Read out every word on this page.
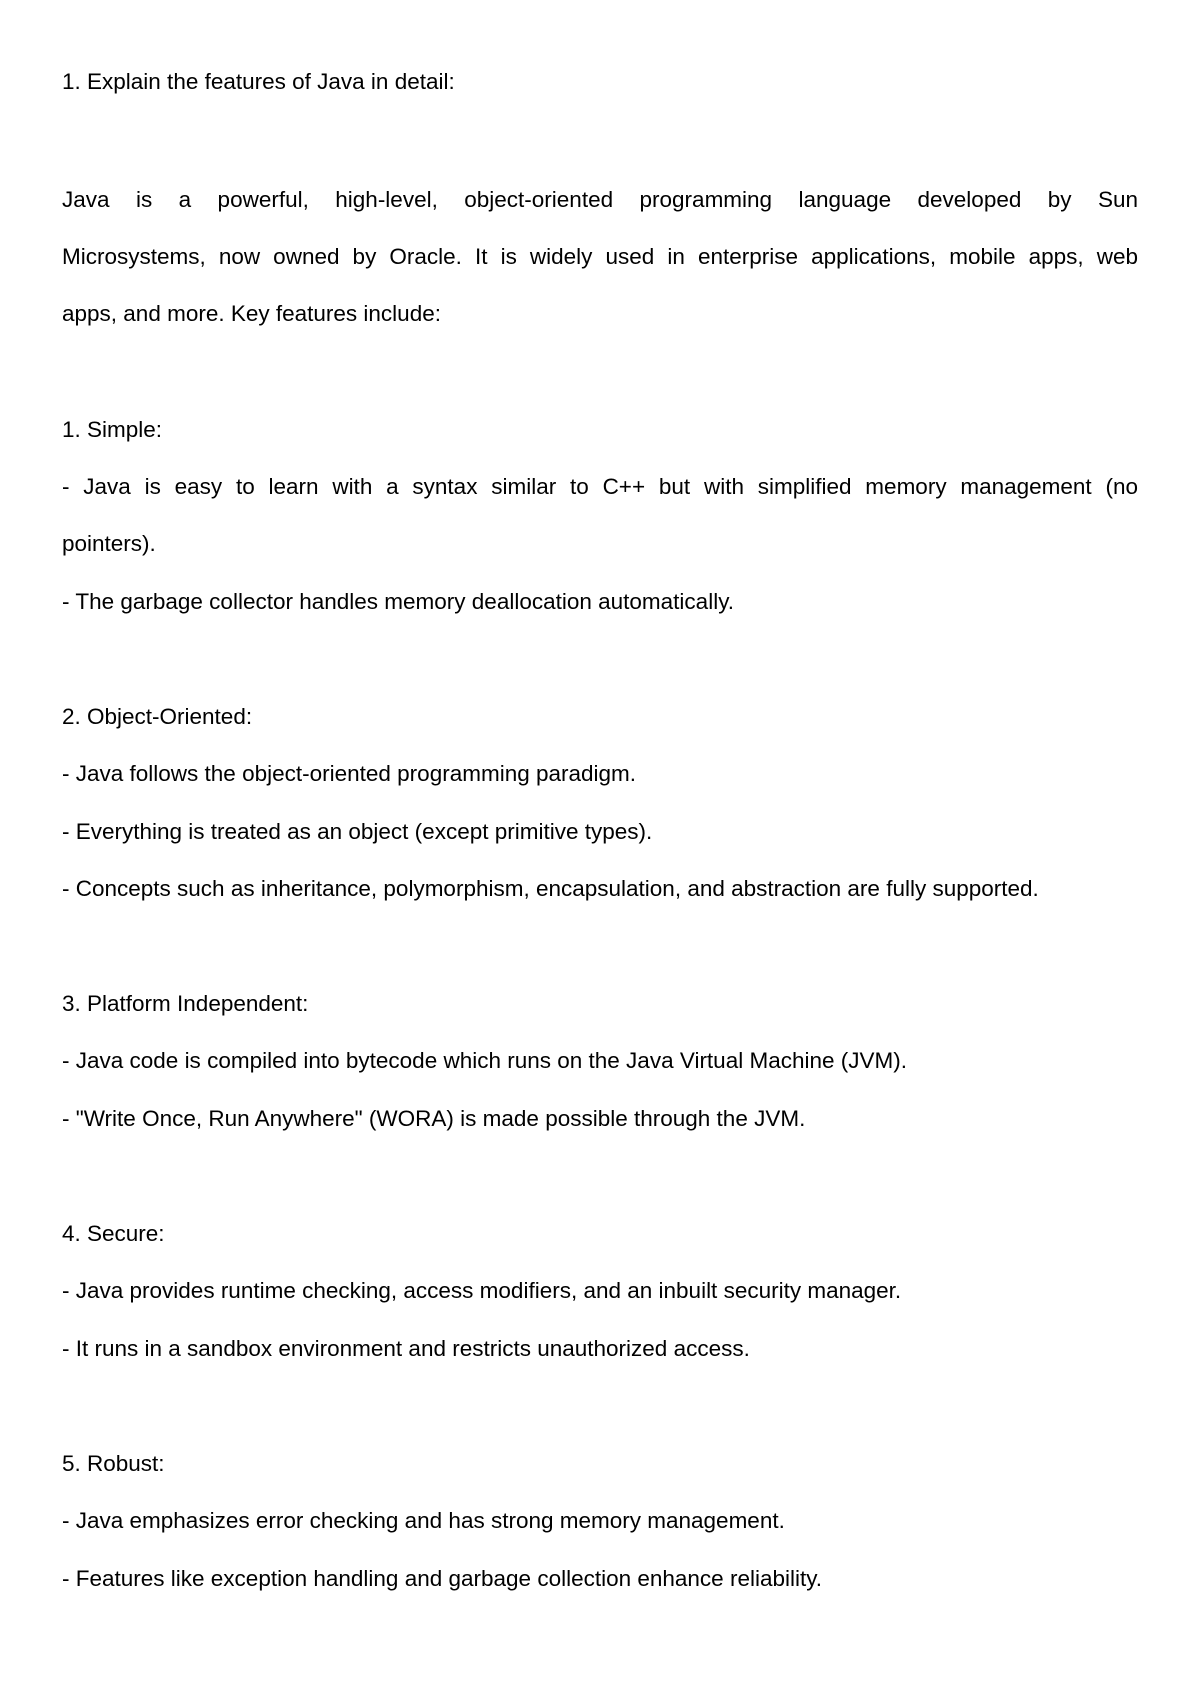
1. Explain the features of Java in detail:

Java is a powerful, high-level, object-oriented programming language developed by Sun

Microsystems, now owned by Oracle. It is widely used in enterprise applications, mobile apps, web

apps, and more. Key features include:

1. Simple:

- Java is easy to learn with a syntax similar to C++ but with simplified memory management (no

pointers).

- The garbage collector handles memory deallocation automatically.

2. Object-Oriented:

- Java follows the object-oriented programming paradigm.

- Everything is treated as an object (except primitive types).

- Concepts such as inheritance, polymorphism, encapsulation, and abstraction are fully supported.

3. Platform Independent:

- Java code is compiled into bytecode which runs on the Java Virtual Machine (JVM).

- "Write Once, Run Anywhere" (WORA) is made possible through the JVM.

4. Secure:

- Java provides runtime checking, access modifiers, and an inbuilt security manager.

- It runs in a sandbox environment and restricts unauthorized access.

5. Robust:

- Java emphasizes error checking and has strong memory management.

- Features like exception handling and garbage collection enhance reliability.
